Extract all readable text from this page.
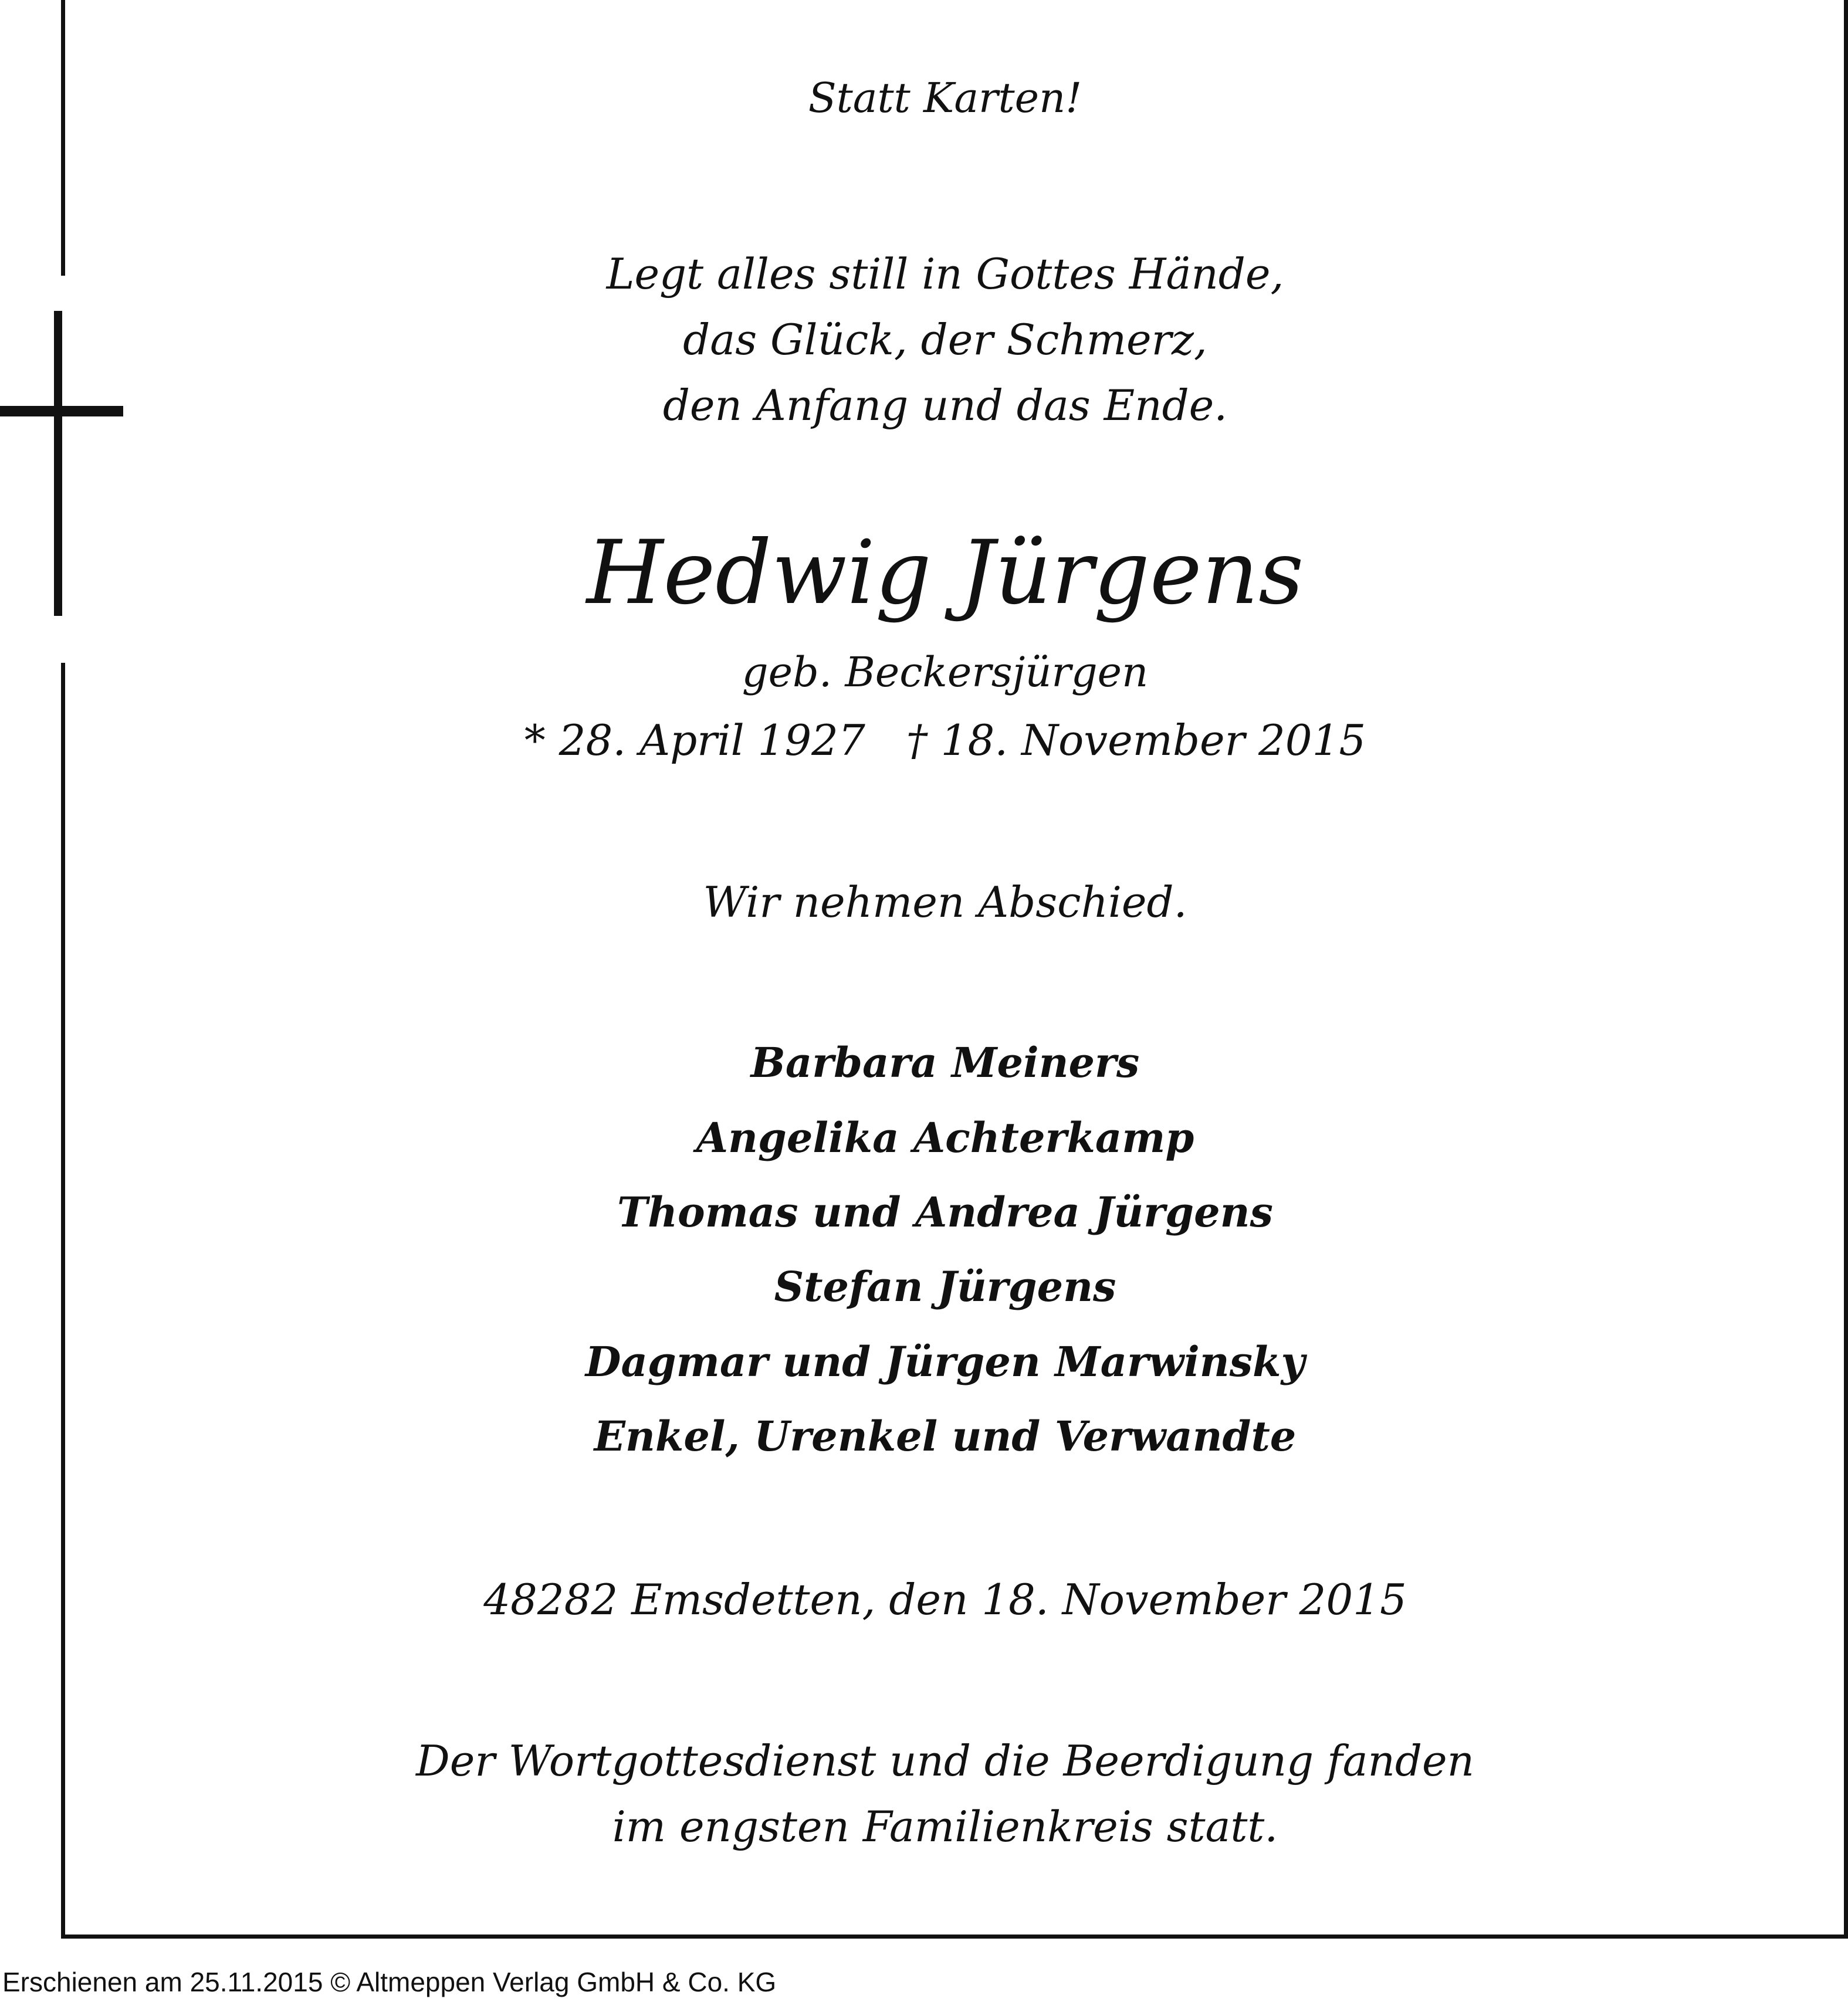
Statt Karten!
Legt alles still in Gottes Hände,
das Glück, der Schmerz,
den Anfang und das Ende.
Hedwig Jürgens
geb. Beckersjürgen
* 28. April 1927 † 18. November 2015
Wir nehmen Abschied.
Barbara Meiners
Angelika Achterkamp
Thomas und Andrea Jürgens
Stefan Jürgens
Dagmar und Jürgen Marwinsky
Enkel, Urenkel und Verwandte
48282 Emsdetten, den 18. November 2015
Der Wortgottesdienst und die Beerdigung fanden
im engsten Familienkreis statt.
Erschienen am 25.11.2015 © Altmeppen Verlag GmbH & Co. KG
